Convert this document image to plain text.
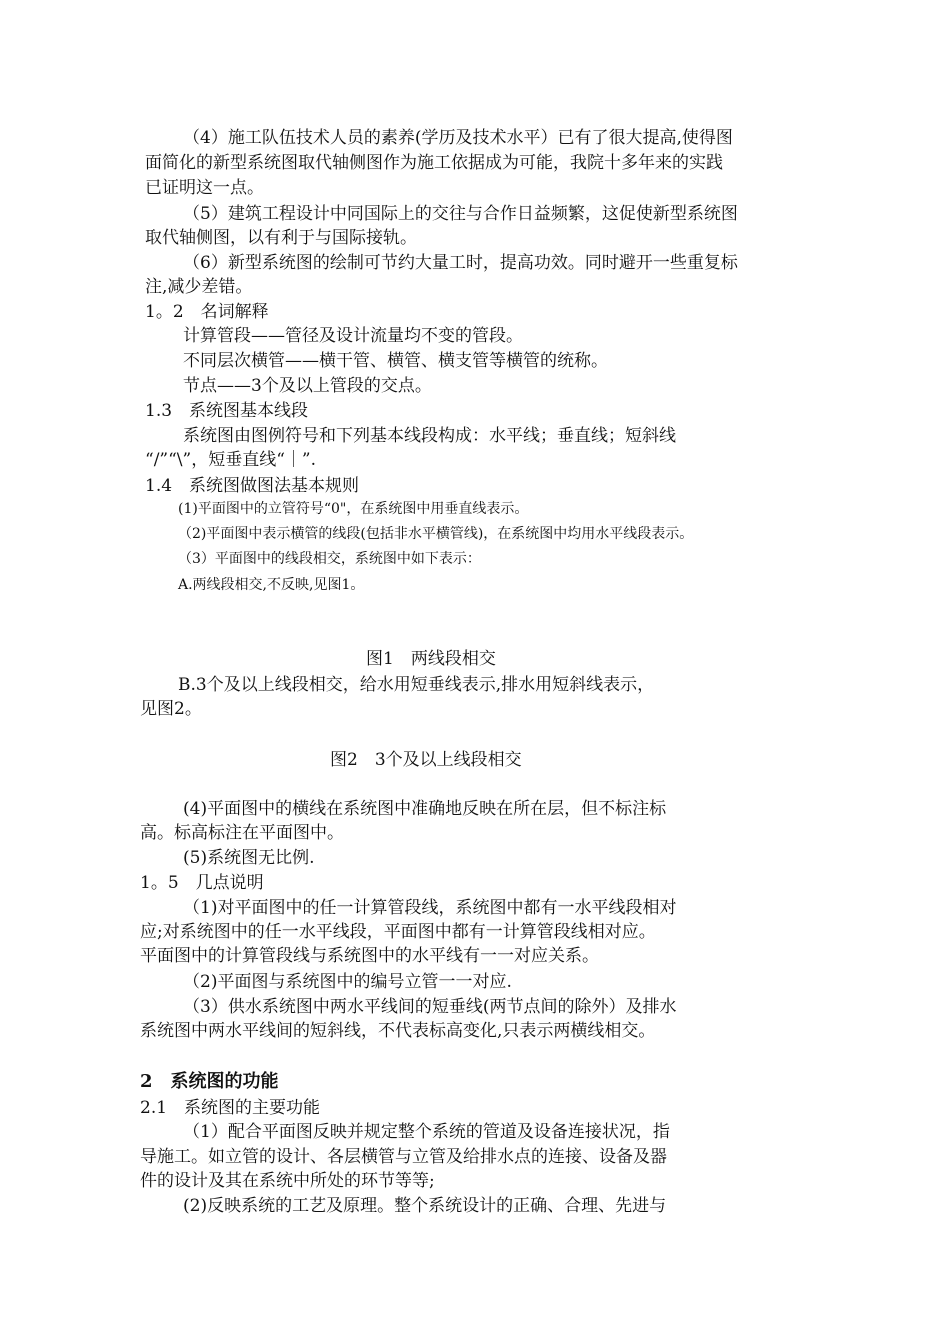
（4）施工队伍技术人员的素养(学历及技术水平）已有了很大提高,使得图
面简化的新型系统图取代轴侧图作为施工依据成为可能，我院十多年来的实践
已证明这一点。
（5）建筑工程设计中同国际上的交往与合作日益频繁，这促使新型系统图
取代轴侧图，以有利于与国际接轨。
（6）新型系统图的绘制可节约大量工时，提高功效。同时避开一些重复标
注,减少差错。
1。2　名词解释
计算管段——管径及设计流量均不变的管段。
不同层次横管——横干管、横管、横支管等横管的统称。
节点——3个及以上管段的交点。
1.3　系统图基本线段
系统图由图例符号和下列基本线段构成：水平线；垂直线；短斜线
“/”“\”，短垂直线“｜”.
1.4　系统图做图法基本规则
(1)平面图中的立管符号“0"，在系统图中用垂直线表示。
（2)平面图中表示横管的线段(包括非水平横管线)，在系统图中均用水平线段表示。
（3）平面图中的线段相交，系统图中如下表示：
A.两线段相交,不反映,见图1。
图1　两线段相交
B.3个及以上线段相交，给水用短垂线表示,排水用短斜线表示，
见图2。
图2　3个及以上线段相交
(4)平面图中的横线在系统图中准确地反映在所在层，但不标注标
高。标高标注在平面图中。
(5)系统图无比例.
1。5　几点说明
（1)对平面图中的任一计算管段线，系统图中都有一水平线段相对
应;对系统图中的任一水平线段，平面图中都有一计算管段线相对应。
平面图中的计算管段线与系统图中的水平线有一一对应关系。
（2)平面图与系统图中的编号立管一一对应.
（3）供水系统图中两水平线间的短垂线(两节点间的除外）及排水
系统图中两水平线间的短斜线，不代表标高变化,只表示两横线相交。
2　系统图的功能
2.1　系统图的主要功能
（1）配合平面图反映并规定整个系统的管道及设备连接状况，指
导施工。如立管的设计、各层横管与立管及给排水点的连接、设备及器
件的设计及其在系统中所处的环节等等;
(2)反映系统的工艺及原理。整个系统设计的正确、合理、先进与
